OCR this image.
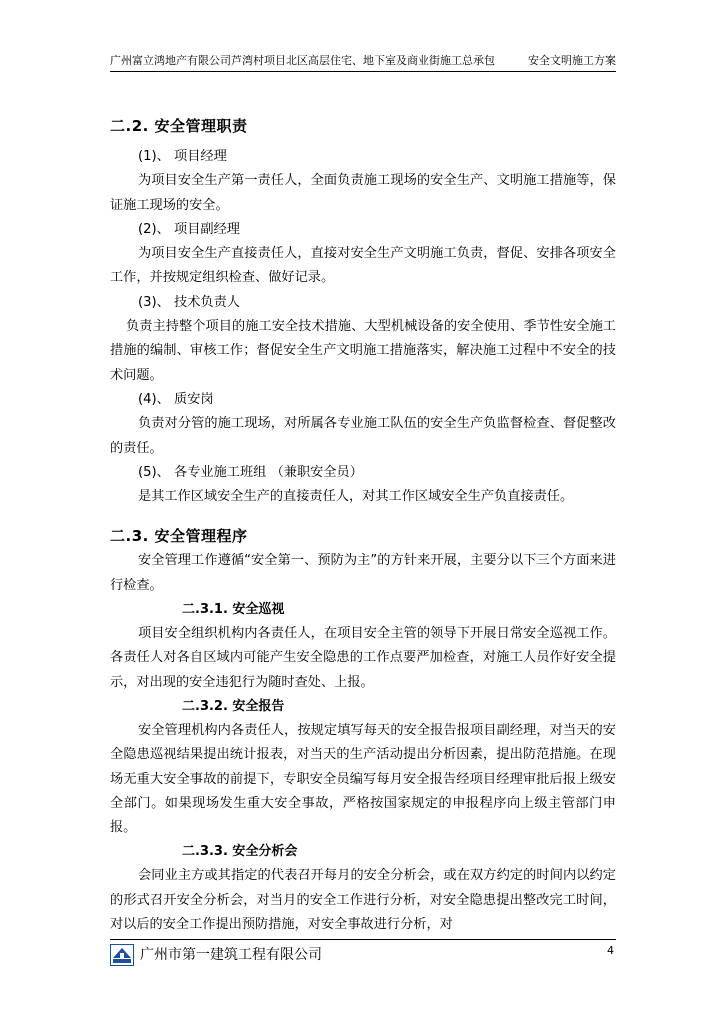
广州富立鸿地产有限公司芦湾村项目北区高层住宅、地下室及商业街施工总承包	安全文明施工方案

二.2. 安全管理职责

(1)、 项目经理

为项目安全生产第一责任人，全面负责施工现场的安全生产、文明施工措施等，保证施工现场的安全。

(2)、 项目副经理

为项目安全生产直接责任人，直接对安全生产文明施工负责，督促、安排各项安全工作，并按规定组织检查、做好记录。

(3)、 技术负责人

负责主持整个项目的施工安全技术措施、大型机械设备的安全使用、季节性安全施工措施的编制、审核工作；督促安全生产文明施工措施落实，解决施工过程中不安全的技术问题。

(4)、 质安岗

负责对分管的施工现场，对所属各专业施工队伍的安全生产负监督检查、督促整改的责任。

(5)、 各专业施工班组 （兼职安全员）

是其工作区域安全生产的直接责任人，对其工作区域安全生产负直接责任。

二.3. 安全管理程序

安全管理工作遵循“安全第一、预防为主”的方针来开展，主要分以下三个方面来进行检查。

二.3.1. 安全巡视

项目安全组织机构内各责任人，在项目安全主管的领导下开展日常安全巡视工作。各责任人对各自区域内可能产生安全隐患的工作点要严加检查，对施工人员作好安全提示，对出现的安全违犯行为随时查处、上报。

二.3.2. 安全报告

安全管理机构内各责任人，按规定填写每天的安全报告报项目副经理，对当天的安全隐患巡视结果提出统计报表，对当天的生产活动提出分析因素，提出防范措施。在现场无重大安全事故的前提下，专职安全员编写每月安全报告经项目经理审批后报上级安全部门。如果现场发生重大安全事故，严格按国家规定的申报程序向上级主管部门申报。

二.3.3. 安全分析会

会同业主方或其指定的代表召开每月的安全分析会，或在双方约定的时间内以约定的形式召开安全分析会，对当月的安全工作进行分析，对安全隐患提出整改完工时间，对以后的安全工作提出预防措施，对安全事故进行分析，对

广州市第一建筑工程有限公司	4
